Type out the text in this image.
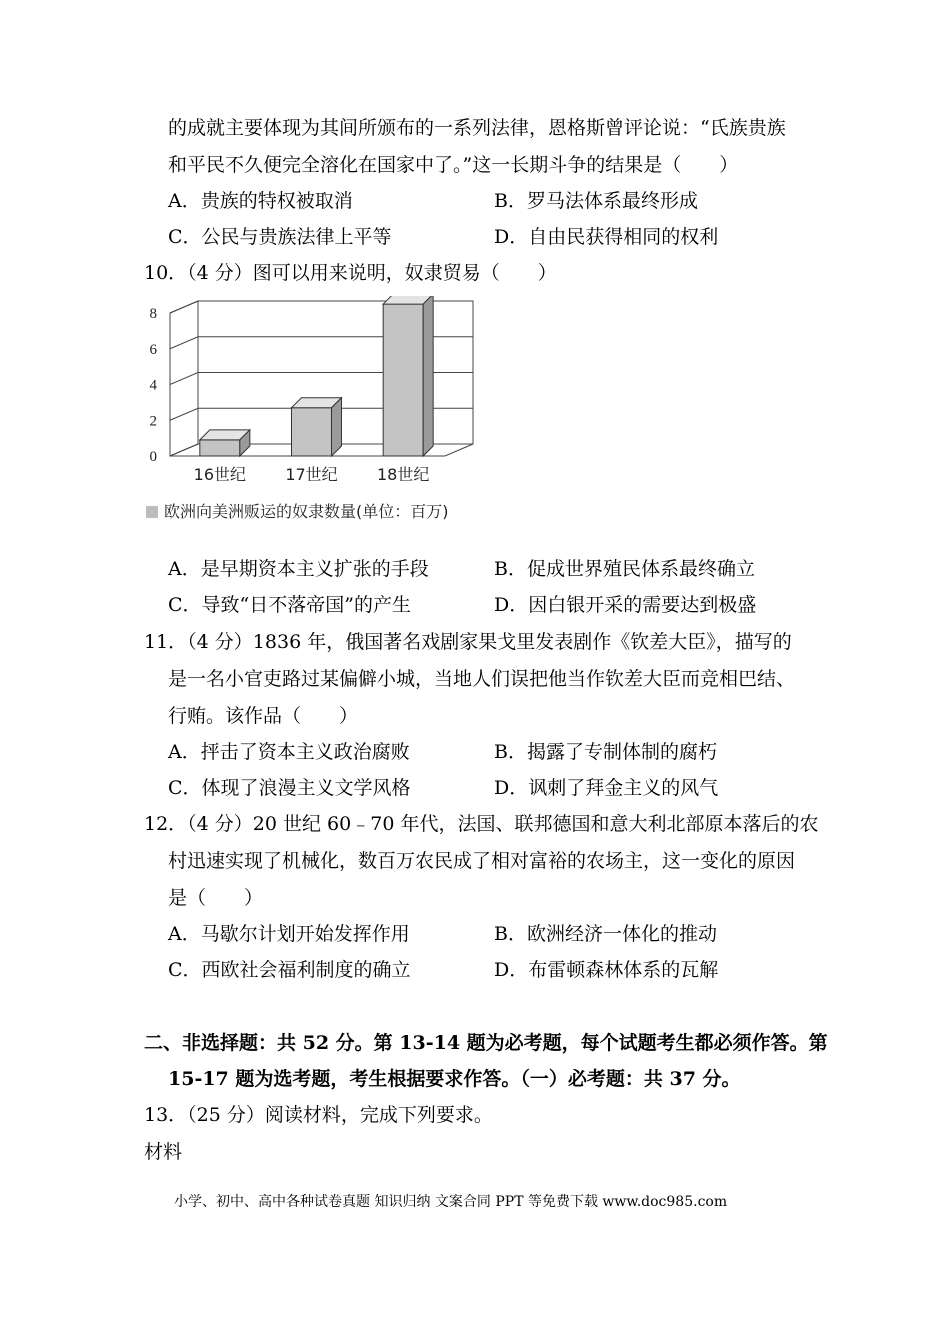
的成就主要体现为其间所颁布的一系列法律，恩格斯曾评论说：“氏族贵族
和平民不久便完全溶化在国家中了。”这一长期斗争的结果是（　　）
A．贵族的特权被取消	B．罗马法体系最终形成
C．公民与贵族法律上平等	D．自由民获得相同的权利
10．（4 分）图可以用来说明，奴隶贸易（　　）
0
2
4
6
8
16世纪 17世纪 18世纪
欧洲向美洲贩运的奴隶数量(单位：百万)
A．是早期资本主义扩张的手段	B．促成世界殖民体系最终确立
C．导致“日不落帝国”的产生	D．因白银开采的需要达到极盛
11．（4 分）1836 年，俄国著名戏剧家果戈里发表剧作《钦差大臣》，描写的
是一名小官吏路过某偏僻小城，当地人们误把他当作钦差大臣而竞相巴结、
行贿。该作品（　　）
A．抨击了资本主义政治腐败	B．揭露了专制体制的腐朽
C．体现了浪漫主义文学风格	D．讽刺了拜金主义的风气
12．（4 分）20 世纪 60﹣70 年代，法国、联邦德国和意大利北部原本落后的农
村迅速实现了机械化，数百万农民成了相对富裕的农场主，这一变化的原因
是（　　）
A．马歇尔计划开始发挥作用	B．欧洲经济一体化的推动
C．西欧社会福利制度的确立	D．布雷顿森林体系的瓦解
二、非选择题：共 52 分。第 13-14 题为必考题，每个试题考生都必须作答。第
15-17 题为选考题，考生根据要求作答。（一）必考题：共 37 分。
13．（25 分）阅读材料，完成下列要求。
材料
小学、初中、高中各种试卷真题 知识归纳 文案合同 PPT 等免费下载 www.doc985.com
